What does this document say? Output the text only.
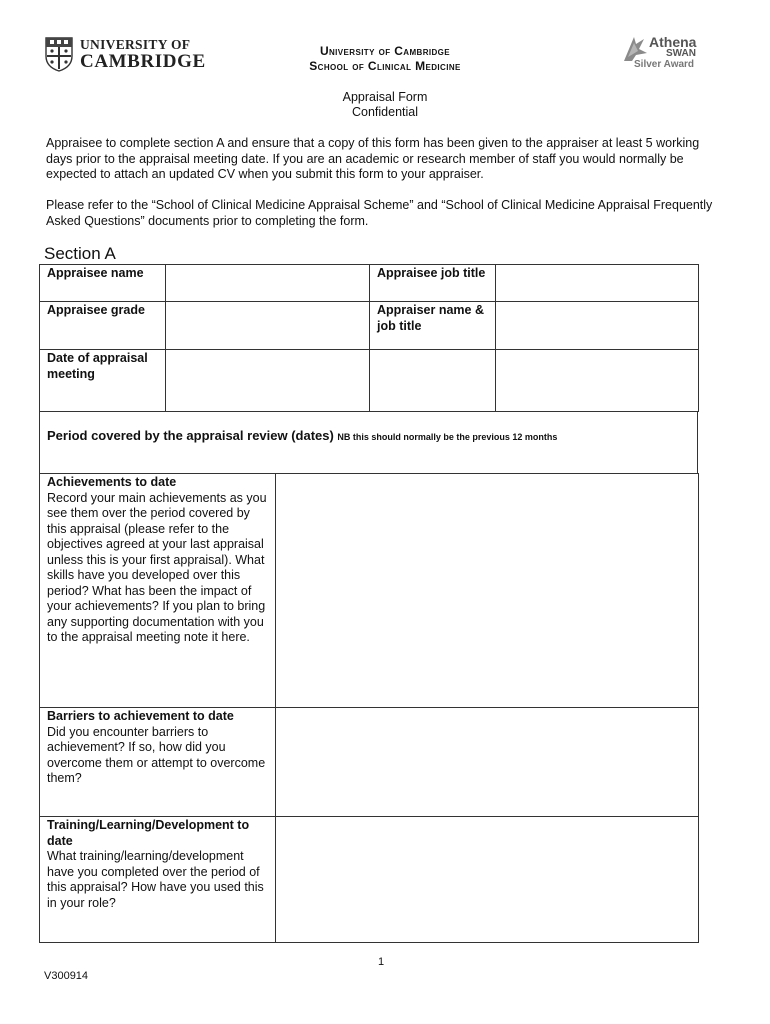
UNIVERSITY OF
CAMBRIDGE	University of Cambridge
School of Clinical Medicine
Athena
SWAN
Silver Award
Appraisal Form
Confidential
Appraisee to complete section A and ensure that a copy of this form has been given to the appraiser at least 5 working days prior to the appraisal meeting date. If you are an academic or research member of staff you would normally be expected to attach an updated CV when you submit this form to your appraiser.
Please refer to the “School of Clinical Medicine Appraisal Scheme” and “School of Clinical Medicine Appraisal Frequently Asked Questions” documents prior to completing the form.
Section A
Appraisee name		Appraisee job title	
Appraisee grade		Appraiser name & job title	
Date of appraisal meeting			
Period covered by the appraisal review (dates) NB this should normally be the previous 12 months
Achievements to date
Record your main achievements as you see them over the period covered by this appraisal (please refer to the objectives agreed at your last appraisal unless this is your first appraisal). What skills have you developed over this period? What has been the impact of your achievements? If you plan to bring any supporting documentation with you to the appraisal meeting note it here.	

Barriers to achievement to date
Did you encounter barriers to achievement? If so, how did you overcome them or attempt to overcome them?	

Training/Learning/Development to date
What training/learning/development have you completed over the period of this appraisal? How have you used this in your role?	

1
V300914
